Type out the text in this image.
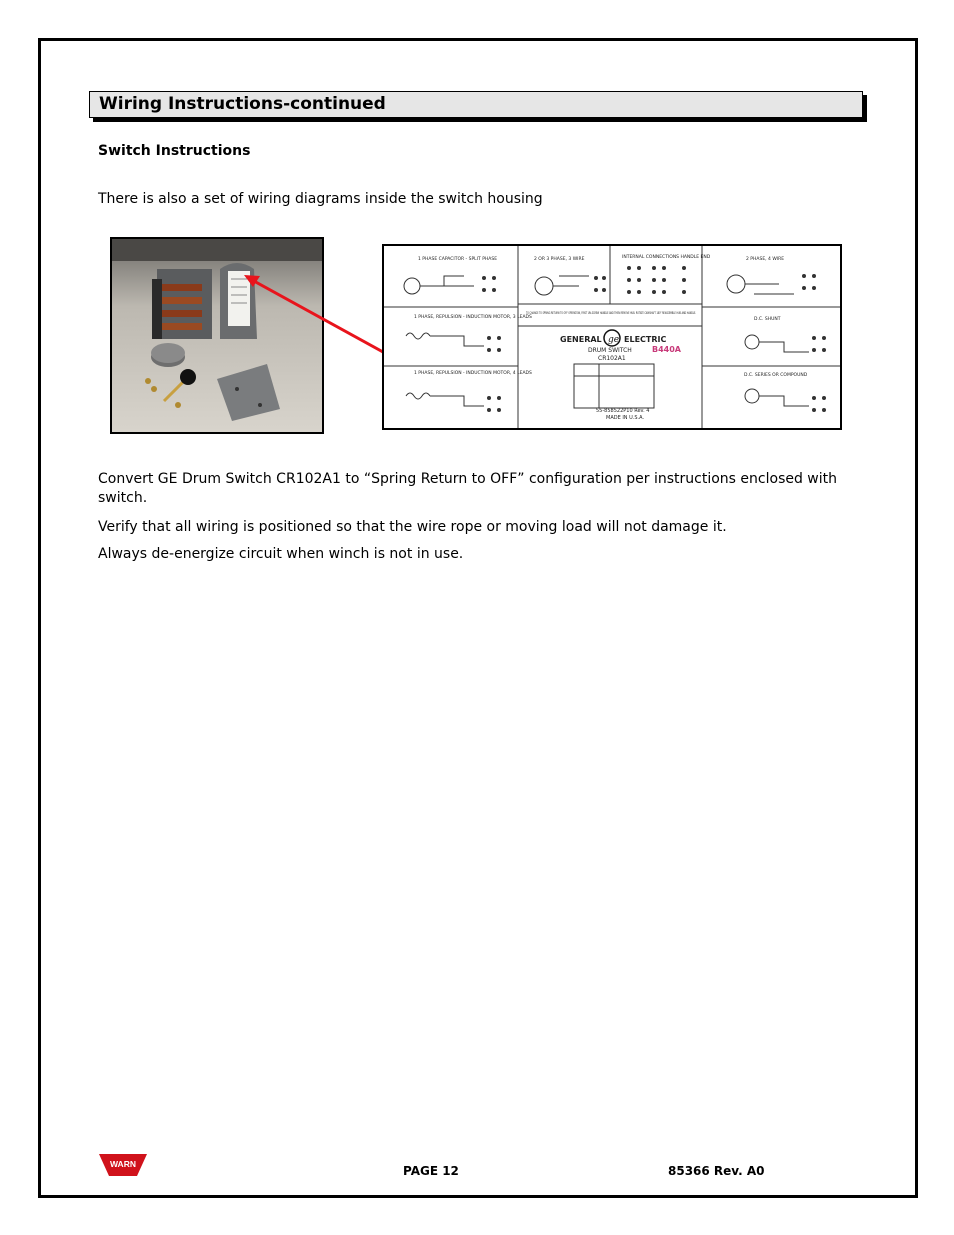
Wiring Instructions-continued
Switch Instructions
There is also a set of wiring diagrams inside the switch housing
ge
1 PHASE CAPACITOR - SPLIT PHASE	2 OR 3 PHASE, 3 WIRE	INTERNAL CONNECTIONS HANDLE END	2 PHASE, 4 WIRE
1 PHASE, REPULSION - INDUCTION MOTOR, 3 LEADS	D.C. SHUNT
1 PHASE, REPULSION - INDUCTION MOTOR, 4 LEADS	D.C. SERIES OR COMPOUND
TO CHANGE TO SPRING RETURN TO OFF OPERATION, FIRST UN-SCREW HANDLE AND THEN REMOVE HUB. ROTATE CAMSHAFT 180° REASSEMBLE HUB AND HANDLE.
GENERAL	ELECTRIC
DRUM SWITCH
CR102A1
B440A
55-858522P10 Rev. 4
MADE IN U.S.A.
Convert GE Drum Switch CR102A1 to “Spring Return to OFF” configuration per instructions enclosed with switch.
Verify that all wiring is positioned so that the wire rope or moving load will not damage it.
Always de-energize circuit when winch is not in use.
WARN	PAGE 12	85366 Rev. A0
